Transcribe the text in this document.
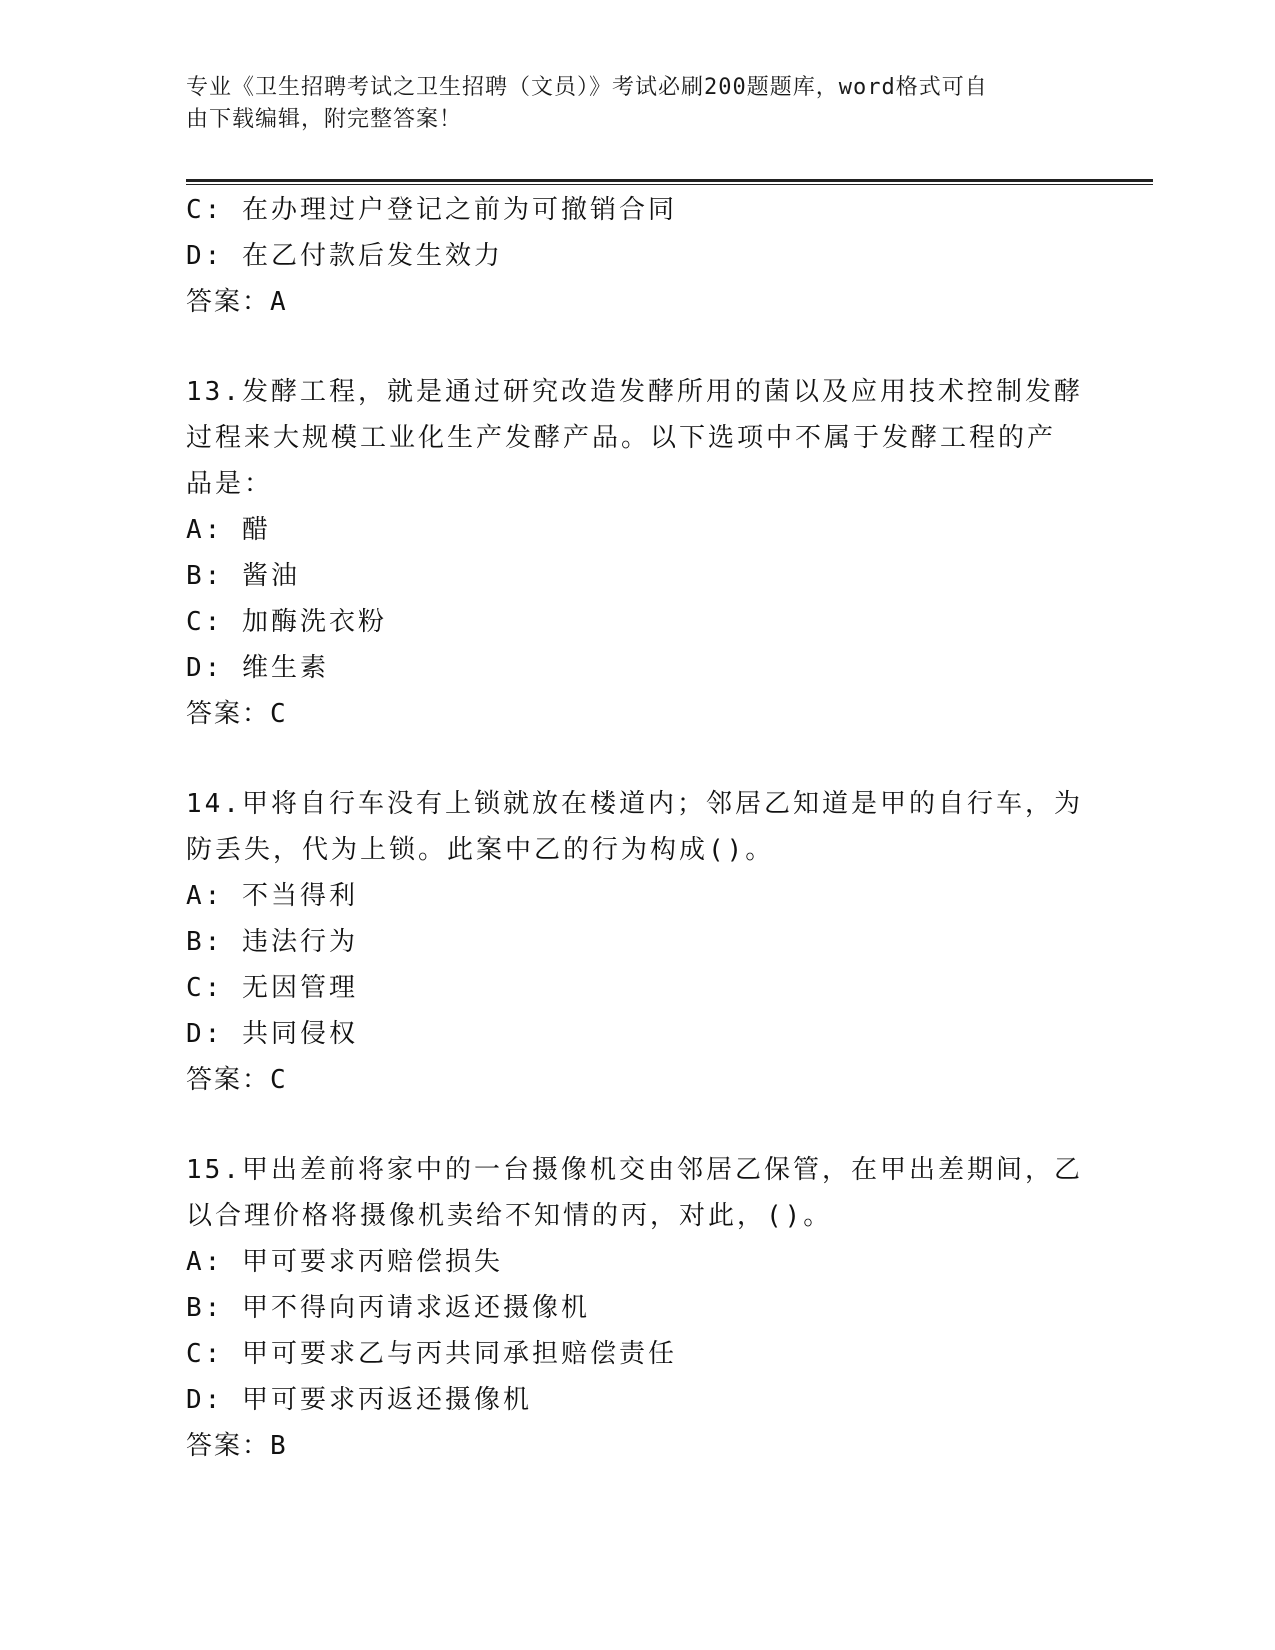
专业《卫生招聘考试之卫生招聘（文员）》考试必刷200题题库，word格式可自
由下载编辑，附完整答案！
C: 在办理过户登记之前为可撤销合同
D: 在乙付款后发生效力
答案：A
13.发酵工程，就是通过研究改造发酵所用的菌以及应用技术控制发酵
过程来大规模工业化生产发酵产品。以下选项中不属于发酵工程的产
品是：
A: 醋
B: 酱油
C: 加酶洗衣粉
D: 维生素
答案：C
14.甲将自行车没有上锁就放在楼道内；邻居乙知道是甲的自行车，为
防丢失，代为上锁。此案中乙的行为构成()。
A: 不当得利
B: 违法行为
C: 无因管理
D: 共同侵权
答案：C
15.甲出差前将家中的一台摄像机交由邻居乙保管，在甲出差期间，乙
以合理价格将摄像机卖给不知情的丙，对此，()。
A: 甲可要求丙赔偿损失
B: 甲不得向丙请求返还摄像机
C: 甲可要求乙与丙共同承担赔偿责任
D: 甲可要求丙返还摄像机
答案：B
